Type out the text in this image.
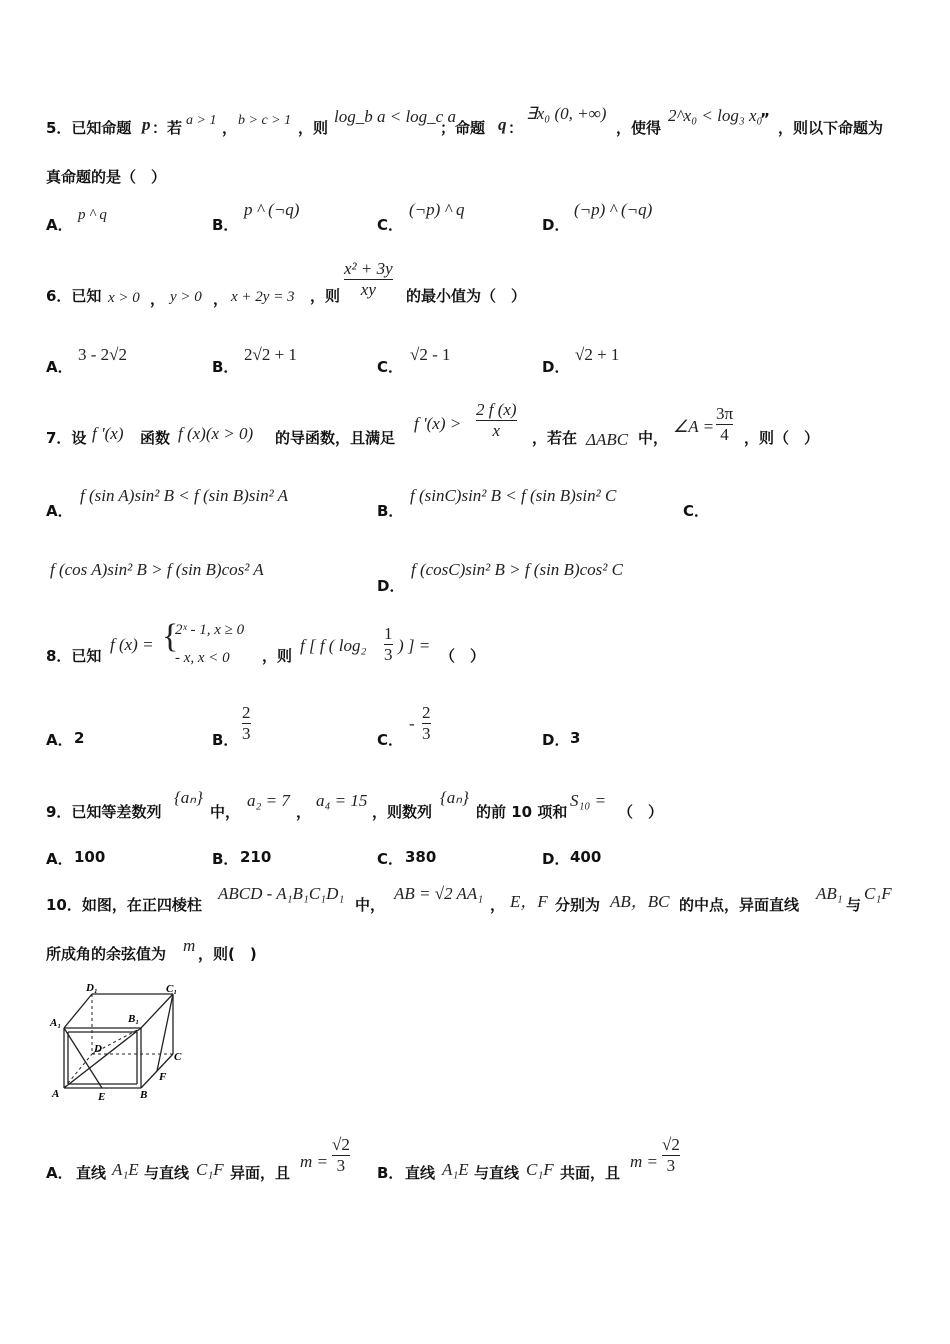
5．已知命题 p ：若 a > 1 ， b > c > 1 ，则
log_b a < log_c a
；命题 q ：
∃x₀ (0, +∞)
，使得
2^x₀ < log₃ x₀
” ，则以下命题为
真命题的是（　）
A．
p ^ q
B．
p ^ (¬q)
C．
(¬p) ^ q
D．
(¬p) ^ (¬q)
6．已知 x > 0 ， y > 0 ， x + 2y = 3 ，则
x² + 3y
xy 的最小值为（　）
A．
3 - 2√2
B．
2√2 + 1
C．
√2 - 1
D．
√2 + 1
7．设 f '(x) 函数 f (x)(x > 0) 的导函数，且满足
f '(x) >
2 f (x)
x ，若在 ΔABC 中，
∠A =
3π
4 ，则（　）
A．
f (sin A)sin² B < f (sin B)sin² A
B．
f (sinC)sin² B < f (sin B)sin² C
C．
f (cos A)sin² B > f (sin B)cos² A
D．
f (cosC)sin² B > f (sin B)cos² C
8．已知
f (x) = {
2ˣ - 1, x ≥ 0
- x, x < 0 ，则
f [ f ( log₂
1
3 ) ] =
（　）
A． 2	B．
2
3	C．
-
2
3	D． 3
9．已知等差数列
{aₙ}
中，
a₂ = 7
，
a₄ = 15
，则数列
{aₙ}
的前 10 项和
S₁₀ =
（　）
A． 100	B． 210	C． 380	D． 400
10．如图，在正四棱柱
ABCD - A₁B₁C₁D₁
中，
AB = √2 AA₁
， E，F 分别为 AB，BC 的中点，异面直线
AB₁
与
C₁F
所成角的余弦值为 m ，则(　)
D₁	C₁
A₁	B₁
D
C
A	E	B
F
A． 直线 A₁E 与直线 C₁F 异面，且
m =
√2
3 B． 直线 A₁E 与直线 C₁F 共面，且
m =
√2
3
